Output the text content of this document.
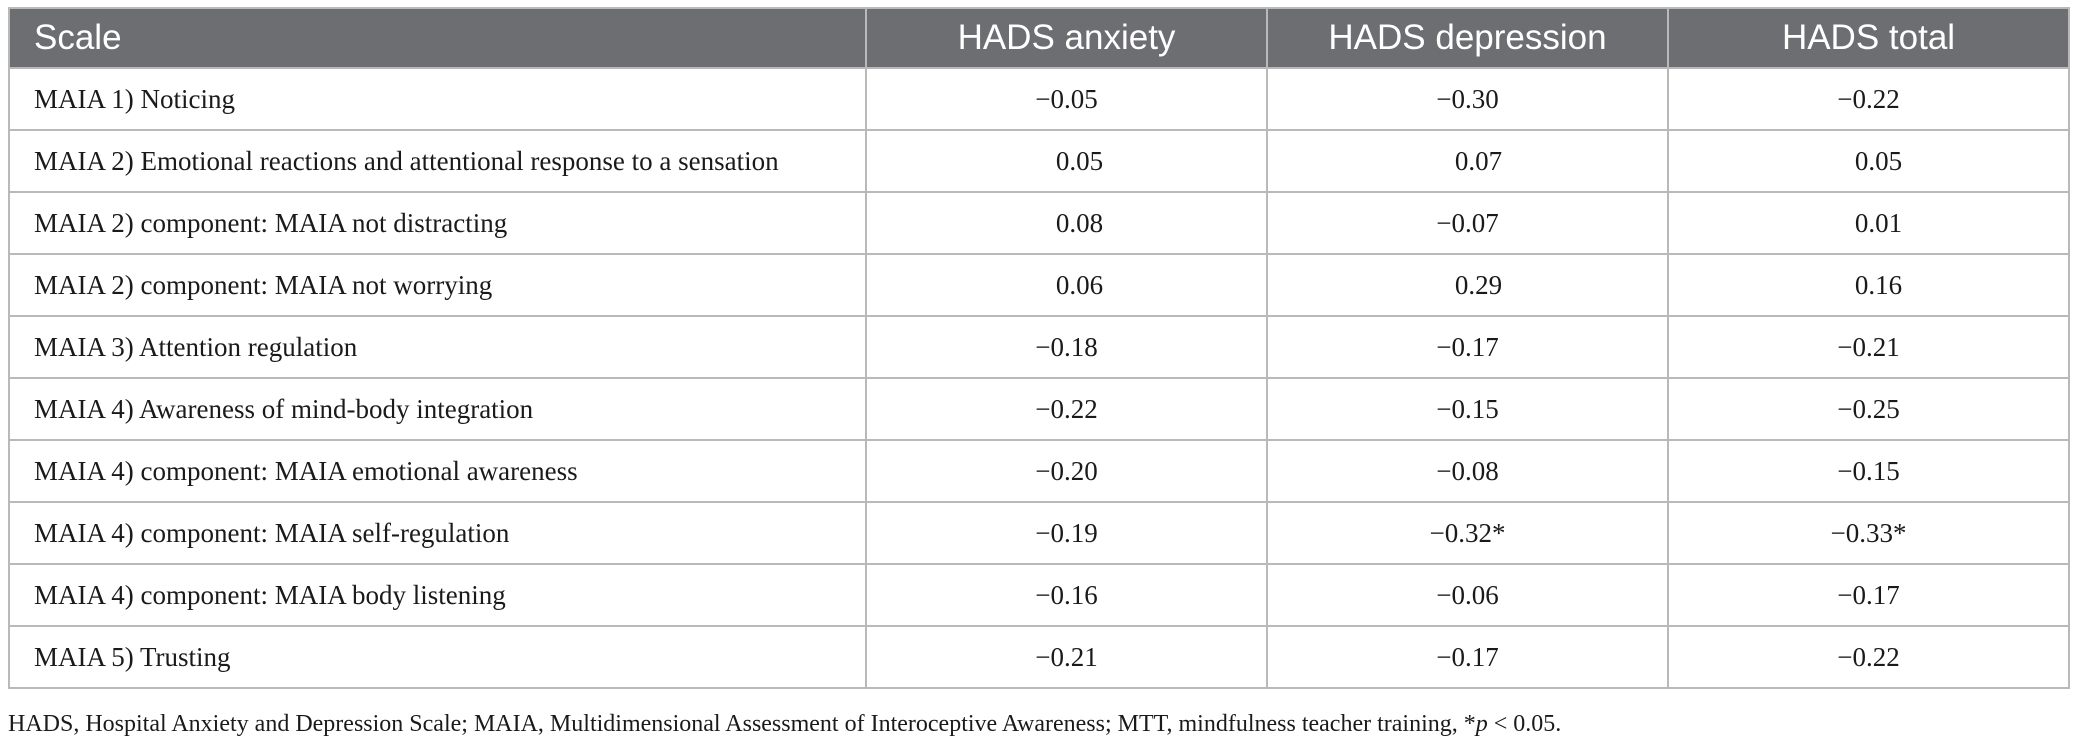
Scale	HADS anxiety	HADS depression	HADS total
MAIA 1) Noticing	−0.05	−0.30	−0.22
MAIA 2) Emotional reactions and attentional response to a sensation	0.05	0.07	0.05
MAIA 2) component: MAIA not distracting	0.08	−0.07	0.01
MAIA 2) component: MAIA not worrying	0.06	0.29	0.16
MAIA 3) Attention regulation	−0.18	−0.17	−0.21
MAIA 4) Awareness of mind-body integration	−0.22	−0.15	−0.25
MAIA 4) component: MAIA emotional awareness	−0.20	−0.08	−0.15
MAIA 4) component: MAIA self-regulation	−0.19	−0.32*	−0.33*
MAIA 4) component: MAIA body listening	−0.16	−0.06	−0.17
MAIA 5) Trusting	−0.21	−0.17	−0.22
HADS, Hospital Anxiety and Depression Scale; MAIA, Multidimensional Assessment of Interoceptive Awareness; MTT, mindfulness teacher training, *p < 0.05.
